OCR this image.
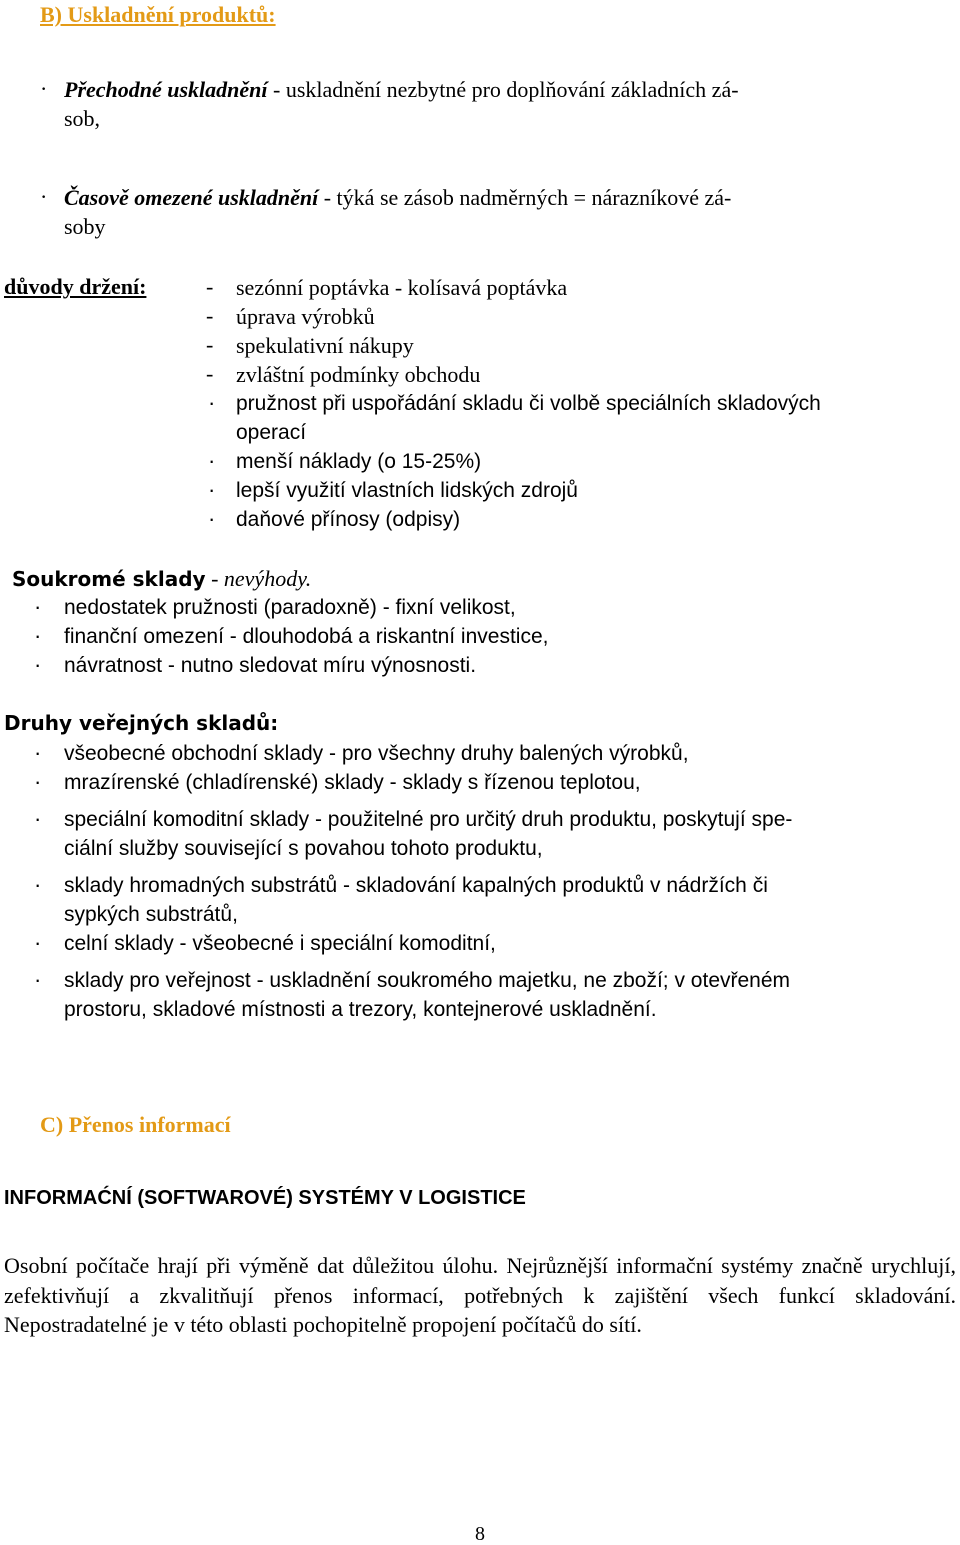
B) Uskladnění produktů:
· Přechodné uskladnění - uskladnění nezbytné pro doplňování základních zá-
sob,
· Časově omezené uskladnění - týká se zásob nadměrných = nárazníkové zá-
soby
důvody držení:	- sezónní poptávka - kolísavá poptávka
- úprava výrobků
- spekulativní nákupy
- zvláštní podmínky obchodu
· pružnost při uspořádání skladu či volbě speciálních skladových
operací
· menší náklady (o 15-25%)
· lepší využití vlastních lidských zdrojů
· daňové přínosy (odpisy)
Soukromé sklady - nevýhody.
· nedostatek pružnosti (paradoxně) - fixní velikost,
· finanční omezení - dlouhodobá a riskantní investice,
· návratnost - nutno sledovat míru výnosnosti.
Druhy veřejných skladů:
· všeobecné obchodní sklady - pro všechny druhy balených výrobků,
· mrazírenské (chladírenské) sklady - sklady s řízenou teplotou,
· speciální komoditní sklady - použitelné pro určitý druh produktu, poskytují spe-
ciální služby související s povahou tohoto produktu,
· sklady hromadných substrátů - skladování kapalných produktů v nádržích či
sypkých substrátů,
· celní sklady - všeobecné i speciální komoditní,
· sklady pro veřejnost - uskladnění soukromého majetku, ne zboží; v otevřeném
prostoru, skladové místnosti a trezory, kontejnerové uskladnění.
C) Přenos informací
INFORMAĆNÍ (SOFTWAROVÉ) SYSTÉMY V LOGISTICE
Osobní počítače hrají při výměně dat důležitou úlohu. Nejrůznější informační systémy značně urychlují, zefektivňují a zkvalitňují přenos informací, potřebných k zajištění všech funkcí skladování. Nepostradatelné je v této oblasti pochopitelně propojení počítačů do sítí.
8
